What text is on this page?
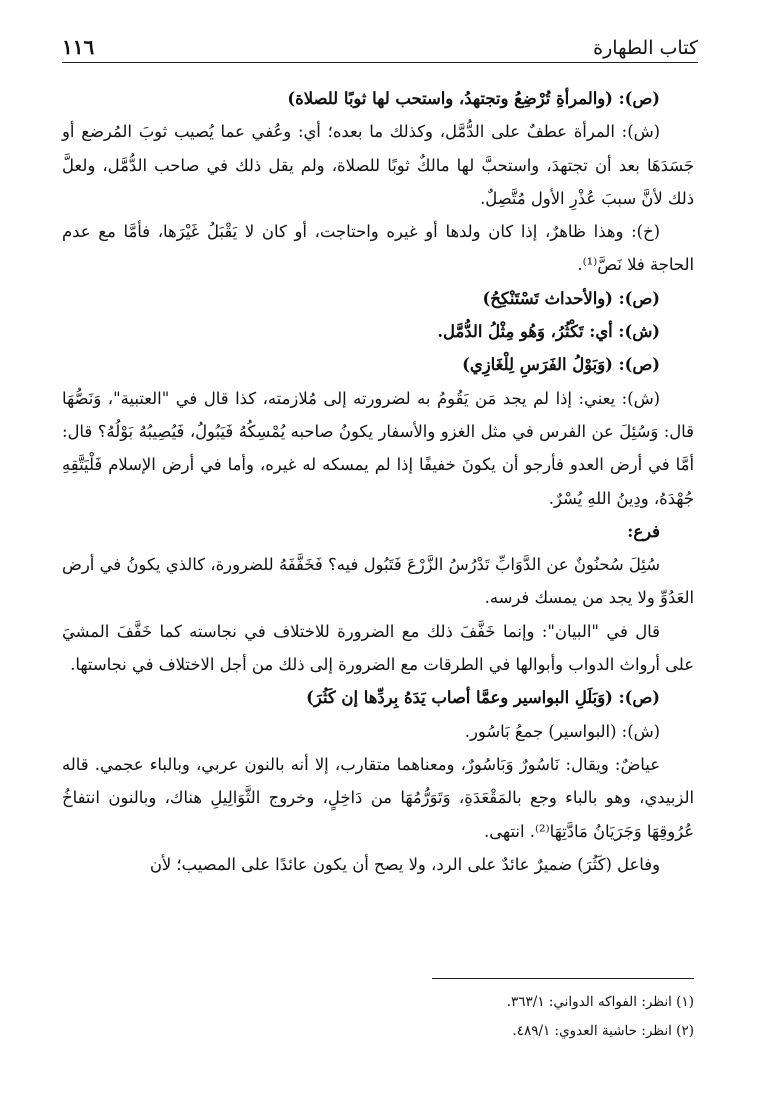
كتاب الطهارة
١١٦

(ص): (والمرأةِ تُرْضِعُ وتجتهدُ، واستحب لها ثوبًا للصلاة)

(ش): المرأة عطفٌ على الدُّمَّل، وكذلك ما بعده؛ أي: وعُفي عما يُصيب ثوبَ المُرضع أو جَسَدَهَا بعد أن تجتهدَ، واستحبَّ لها مالكٌ ثوبًا للصلاة، ولم يقل ذلك في صاحب الدُّمَّل، ولعلَّ ذلك لأنَّ سببَ عُذْرِ الأول مُتَّصِلٌ.

(خ): وهذا ظاهرٌ، إذا كان ولدها أو غيره واحتاجت، أو كان لا يَقْبَلُ غَيْرَها، فأمَّا مع عدم الحاجة فلا نَصَّ⁽¹⁾.

(ص): (والأحداث تَسْتَنْكِحُ)

(ش): أي: تَكْثُرُ، وَهُو مِثْلُ الدُّمَّل.

(ص): (وَبَوْلُ الفَرَسِ لِلْغَازِي)

(ش): يعني: إذا لم يجد مَن يَقُومُ به لضرورته إلى مُلازمته، كذا قال في "العتبية"، وَنَصُّهَا قال: وَسُئِلَ عن الفرس في مثل الغزو والأسفار يكونُ صاحبه يُمْسِكُهُ فَيَبُولُ، فَيُصِيبُهُ بَوْلُهُ؟ قال: أمَّا في أرض العدو فأرجو أن يكونَ خفيفًا إذا لم يمسكه له غيره، وأما في أرض الإسلام فَلْيَتَّقِهِ جُهْدَهُ، ودِينُ اللهِ يُسْرٌ.

فرع:

سُئِلَ سُحنُونٌ عن الدَّوَابِّ تَدْرُسُ الزَّرْعَ فَتَبُول فيه؟ فَخَفَّفَهُ للضرورة، كالذي يكونُ في أرض العَدُوِّ ولا يجد من يمسك فرسه.

قال في "البيان": وإنما خَفَّفَ ذلك مع الضرورة للاختلاف في نجاسته كما خَفَّفَ المشيَ على أرواث الدواب وأبوالها في الطرقات مع الضرورة إلى ذلك من أجل الاختلاف في نجاستها.

(ص): (وَبَلَلِ البواسير وعمَّا أصاب يَدَهُ بِردِّها إن كَثُرَ)

(ش): (البواسير) جمعُ بَاسُور.

عياضٌ: ويقال: نَاسُورٌ وَبَاسُورٌ، ومعناهما متقارب، إلا أنه بالنون عربي، وبالباء عجمي. قاله الزبيدي، وهو بالباء وجع بالمَقْعَدَةِ، وَتَوَرُّمُهَا من دَاخِلٍ، وخروج الثَّوَالِيلِ هناك، وبالنون انتفاخُ عُرُوقِهَا وَجَرَيَانُ مَادَّتِهَا⁽²⁾. انتهى.

وفاعل (كَثُرَ) ضميرٌ عائدٌ على الرد، ولا يصح أن يكون عائدًا على المصيب؛ لأن

(١) انظر: الفواكه الدواني: ٣٦٣/١.

(٢) انظر: حاشية العدوي: ٤٨٩/١.
